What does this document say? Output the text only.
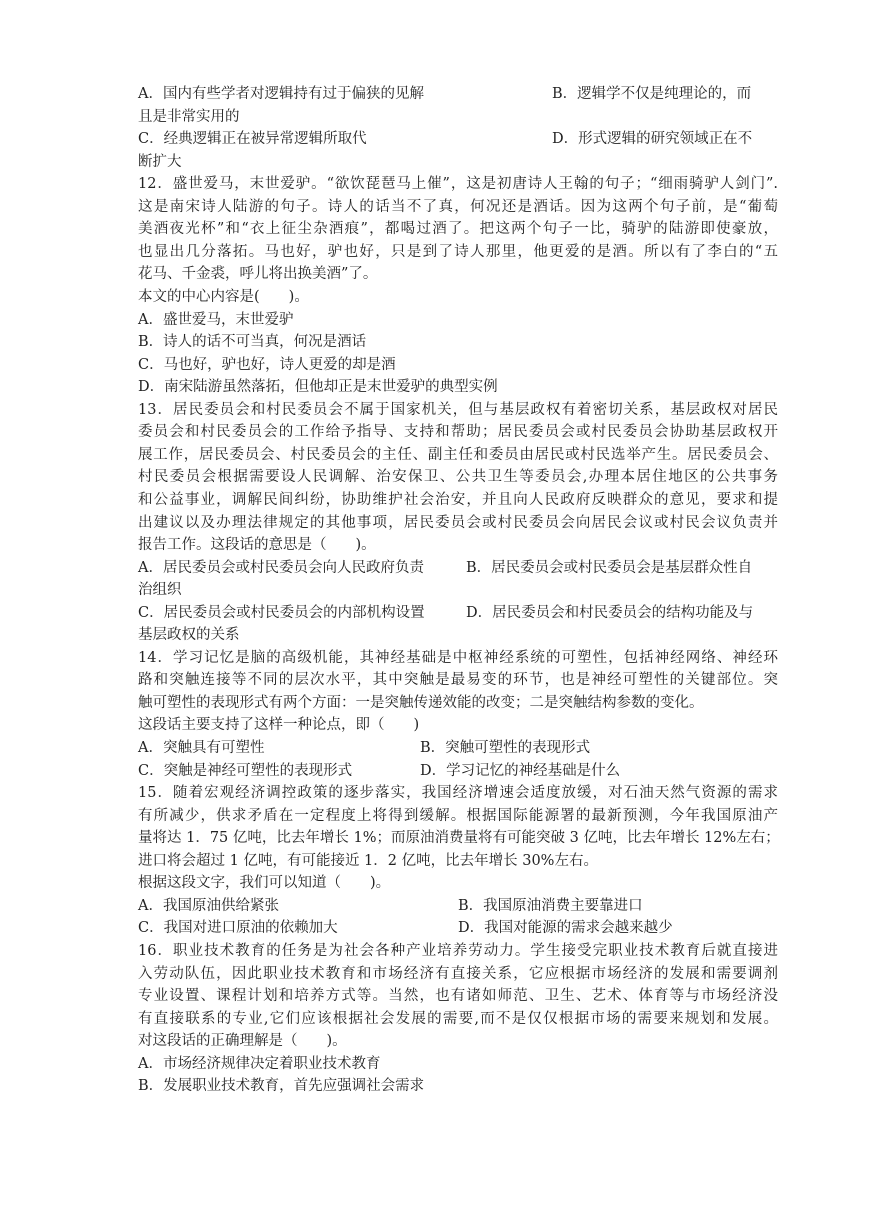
A．国内有些学者对逻辑持有过于偏狭的见解	B．逻辑学不仅是纯理论的，而
且是非常实用的
C．经典逻辑正在被异常逻辑所取代	D．形式逻辑的研究领域正在不
断扩大
12．盛世爱马，末世爱驴。“欲饮琵琶马上催”，这是初唐诗人王翰的句子；“细雨骑驴人剑门”.
这是南宋诗人陆游的句子。诗人的话当不了真，何况还是酒话。因为这两个句子前，是“葡萄
美酒夜光杯”和“衣上征尘杂酒痕”，都喝过酒了。把这两个句子一比，骑驴的陆游即使豪放，
也显出几分落拓。马也好，驴也好，只是到了诗人那里，他更爱的是酒。所以有了李白的“五
花马、千金裘，呼儿将出换美酒”了。
本文的中心内容是(　　)。
A．盛世爱马，末世爱驴
B．诗人的话不可当真，何况是酒话
C．马也好，驴也好，诗人更爱的却是酒
D．南宋陆游虽然落拓，但他却正是末世爱驴的典型实例
13．居民委员会和村民委员会不属于国家机关，但与基层政权有着密切关系，基层政权对居民
委员会和村民委员会的工作给予指导、支持和帮助；居民委员会或村民委员会协助基层政权开
展工作，居民委员会、村民委员会的主任、副主任和委员由居民或村民选举产生。居民委员会、
村民委员会根据需要设人民调解、治安保卫、公共卫生等委员会,办理本居住地区的公共事务
和公益事业，调解民间纠纷，协助维护社会治安，并且向人民政府反映群众的意见，要求和提
出建议以及办理法律规定的其他事项，居民委员会或村民委员会向居民会议或村民会议负责并
报告工作。这段话的意思是（　　)。
A．居民委员会或村民委员会向人民政府负责	B．居民委员会或村民委员会是基层群众性自
治组织
C．居民委员会或村民委员会的内部机构设置	D．居民委员会和村民委员会的结构功能及与
基层政权的关系
14．学习记忆是脑的高级机能，其神经基础是中枢神经系统的可塑性，包括神经网络、神经环
路和突触连接等不同的层次水平，其中突触是最易变的环节，也是神经可塑性的关键部位。突
触可塑性的表现形式有两个方面：一是突触传递效能的改变；二是突触结构参数的变化。
这段话主要支持了这样一种论点，即（　　)
A．突触具有可塑性	B．突触可塑性的表现形式
C．突触是神经可塑性的表现形式	D．学习记忆的神经基础是什么
15．随着宏观经济调控政策的逐步落实，我国经济增速会适度放缓，对石油天然气资源的需求
有所减少，供求矛盾在一定程度上将得到缓解。根据国际能源署的最新预测，今年我国原油产
量将达 1．75 亿吨，比去年增长 1%；而原油消费量将有可能突破 3 亿吨，比去年增长 12%左右；
进口将会超过 1 亿吨，有可能接近 1．2 亿吨，比去年增长 30%左右。
根据这段文字，我们可以知道（　　)。
A．我国原油供给紧张	B．我国原油消费主要靠进口
C．我国对进口原油的依赖加大	D．我国对能源的需求会越来越少
16．职业技术教育的任务是为社会各种产业培养劳动力。学生接受完职业技术教育后就直接进
入劳动队伍，因此职业技术教育和市场经济有直接关系，它应根据市场经济的发展和需要调剂
专业设置、课程计划和培养方式等。当然，也有诸如师范、卫生、艺术、体育等与市场经济没
有直接联系的专业,它们应该根据社会发展的需要,而不是仅仅根据市场的需要来规划和发展。
对这段话的正确理解是（　　)。
A．市场经济规律决定着职业技术教育
B．发展职业技术教育，首先应强调社会需求
